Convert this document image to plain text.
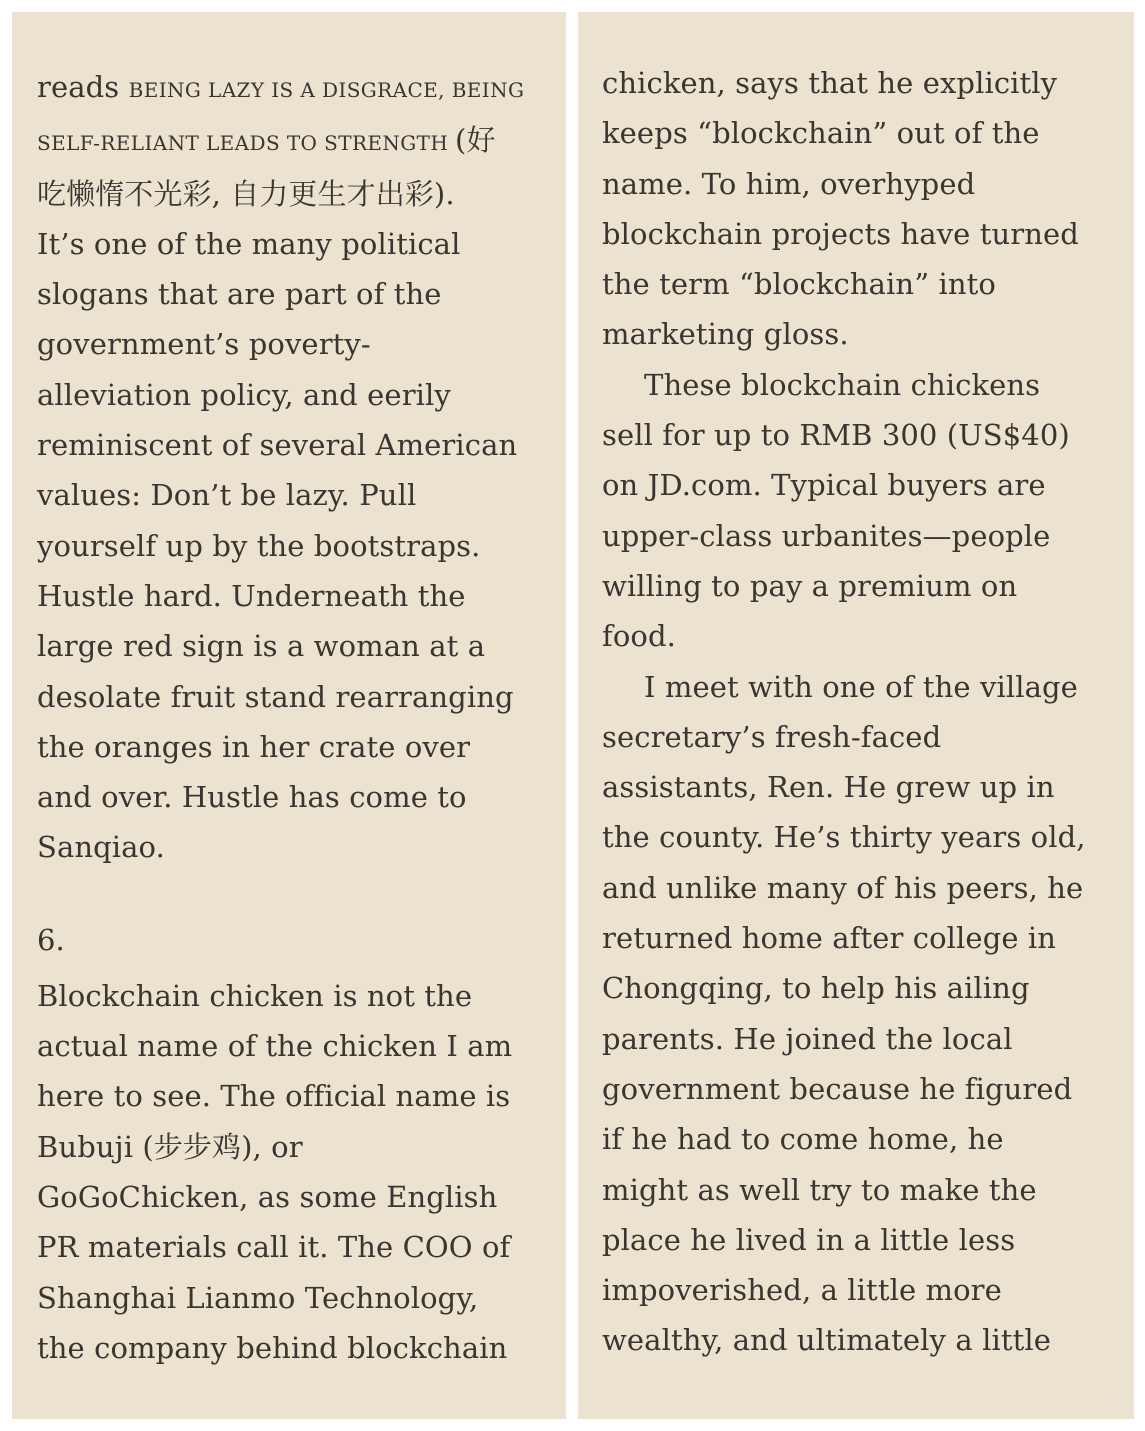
reads BEING LAZY IS A DISGRACE, BEING
SELF-RELIANT LEADS TO STRENGTH (好
吃懒惰不光彩, 自力更生才出彩).
It’s one of the many political
slogans that are part of the
government’s poverty-
alleviation policy, and eerily
reminiscent of several American
values: Don’t be lazy. Pull
yourself up by the bootstraps.
Hustle hard. Underneath the
large red sign is a woman at a
desolate fruit stand rearranging
the oranges in her crate over
and over. Hustle has come to
Sanqiao.
6.
Blockchain chicken is not the
actual name of the chicken I am
here to see. The official name is
Bubuji (步步鸡), or
GoGoChicken, as some English
PR materials call it. The COO of
Shanghai Lianmo Technology,
the company behind blockchain
chicken, says that he explicitly
keeps “blockchain” out of the
name. To him, overhyped
blockchain projects have turned
the term “blockchain” into
marketing gloss.
These blockchain chickens
sell for up to RMB 300 (US$40)
on JD.com. Typical buyers are
upper-class urbanites—people
willing to pay a premium on
food.
I meet with one of the village
secretary’s fresh-faced
assistants, Ren. He grew up in
the county. He’s thirty years old,
and unlike many of his peers, he
returned home after college in
Chongqing, to help his ailing
parents. He joined the local
government because he figured
if he had to come home, he
might as well try to make the
place he lived in a little less
impoverished, a little more
wealthy, and ultimately a little
